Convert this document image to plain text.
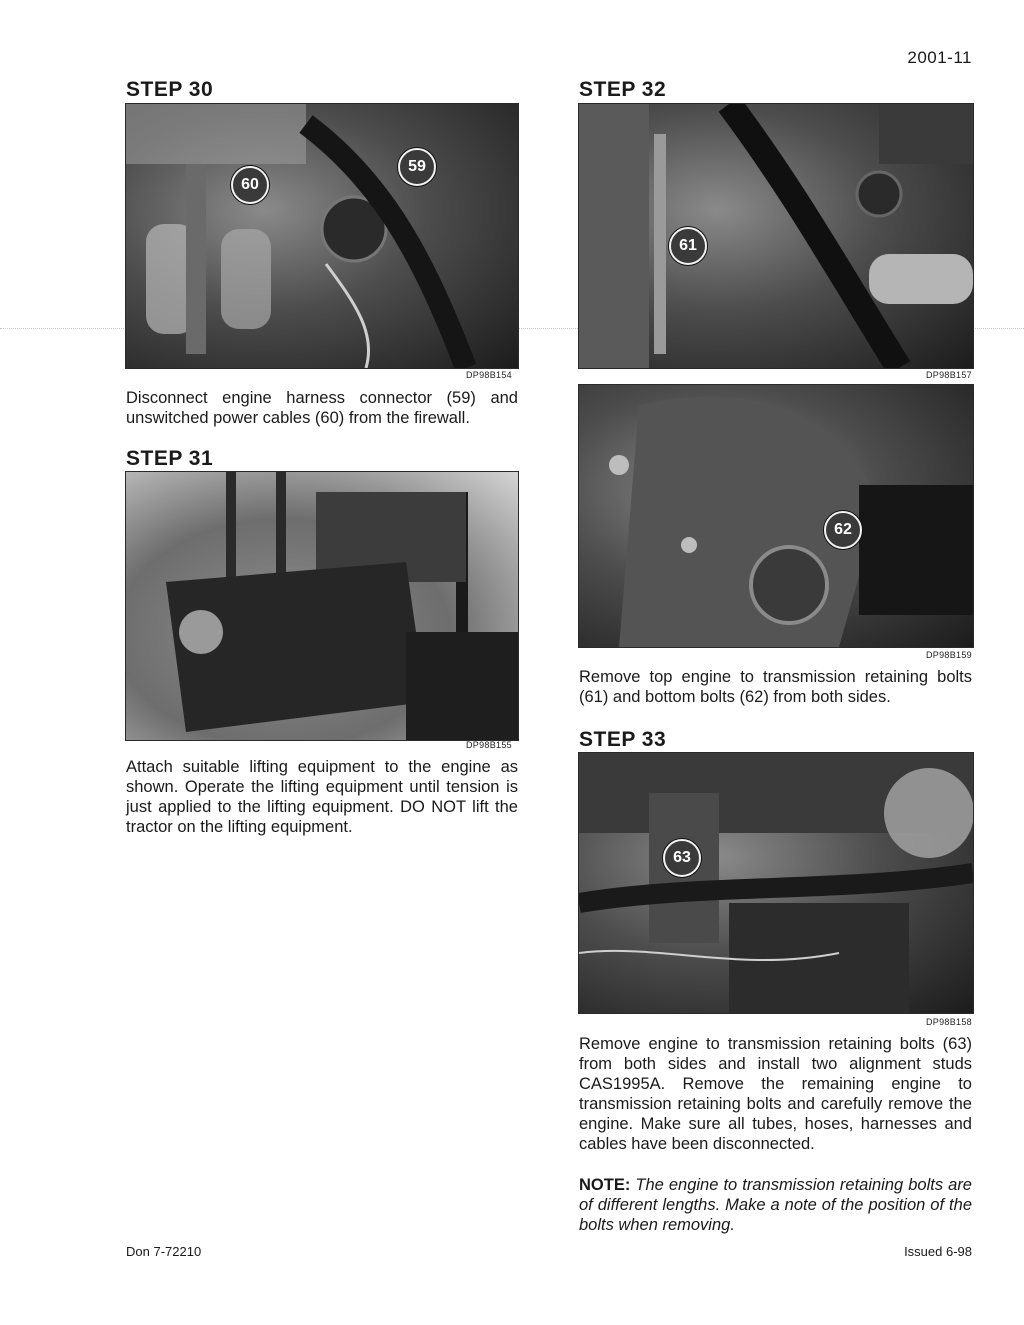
2001-11
STEP 30
60
59
DP98B154
Disconnect engine harness connector (59) and unswitched power cables (60) from the firewall.
STEP 31
DP98B155
Attach suitable lifting equipment to the engine as shown. Operate the lifting equipment until tension is just applied to the lifting equipment. DO NOT lift the tractor on the lifting equipment.
STEP 32
61
DP98B157
62
DP98B159
Remove top engine to transmission retaining bolts (61) and bottom bolts (62) from both sides.
STEP 33
63
DP98B158
Remove engine to transmission retaining bolts (63) from both sides and install two alignment studs CAS1995A. Remove the remaining engine to transmission retaining bolts and carefully remove the engine. Make sure all tubes, hoses, harnesses and cables have been disconnected.
NOTE: The engine to transmission retaining bolts are of different lengths. Make a note of the position of the bolts when removing.
Don 7-72210	Issued 6-98
